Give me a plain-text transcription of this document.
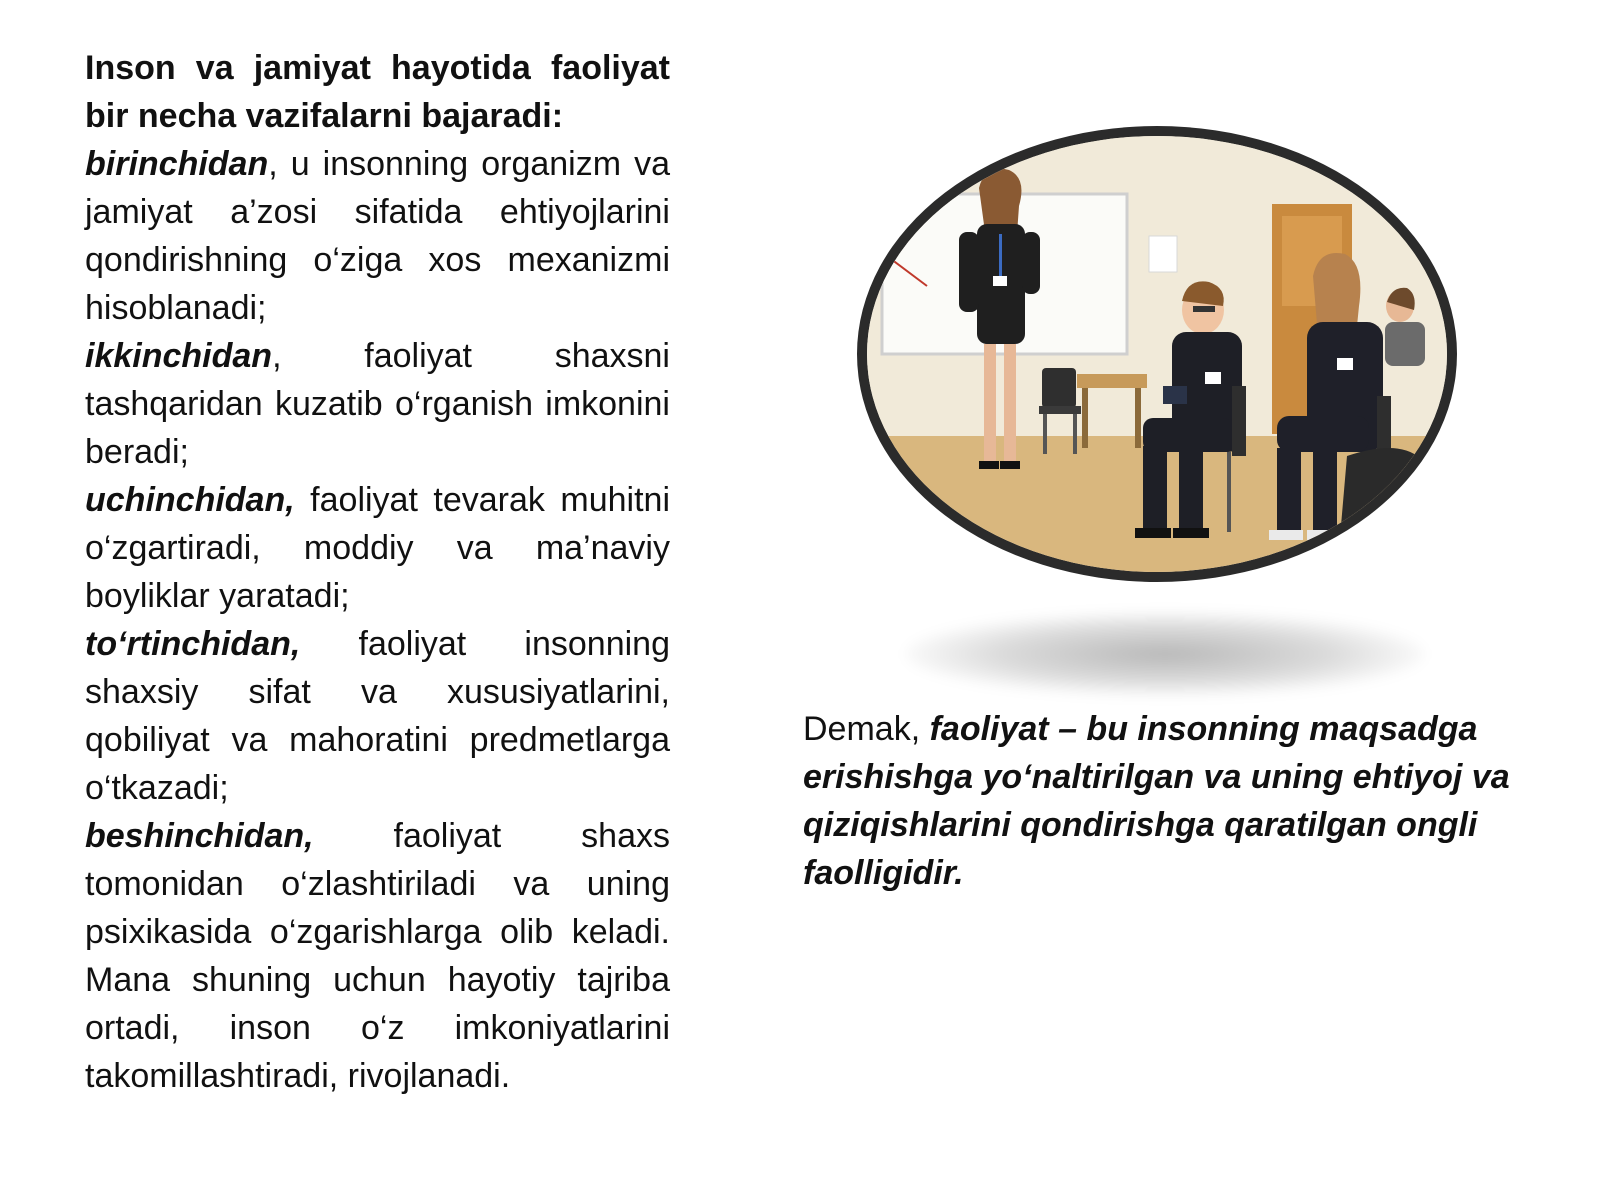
Inson va jamiyat hayotida faoliyat bir necha vazifalarni bajaradi:

birinchidan, u insonning organizm va jamiyat a’zosi sifatida ehtiyojlarini qondirishning o‘ziga xos mexanizmi hisoblanadi;

ikkinchidan, faoliyat shaxsni tashqaridan kuzatib o‘rganish imkonini beradi;

uchinchidan, faoliyat tevarak muhitni o‘zgartiradi, moddiy va ma’naviy boyliklar yaratadi;

to‘rtinchidan, faoliyat insonning shaxsiy sifat va xususiyatlarini, qobiliyat va mahoratini predmetlarga o‘tkazadi;

beshinchidan, faoliyat shaxs tomonidan o‘zlashtiriladi va uning psixikasida o‘zgarishlarga olib keladi. Mana shuning uchun hayotiy tajriba ortadi, inson o‘z imkoniyatlarini takomillashtiradi, rivojlanadi.

Demak, faoliyat – bu insonning maqsadga erishishga yo‘naltirilgan va uning ehtiyoj va qiziqishlarini qondirishga qaratilgan ongli faolligidir.
